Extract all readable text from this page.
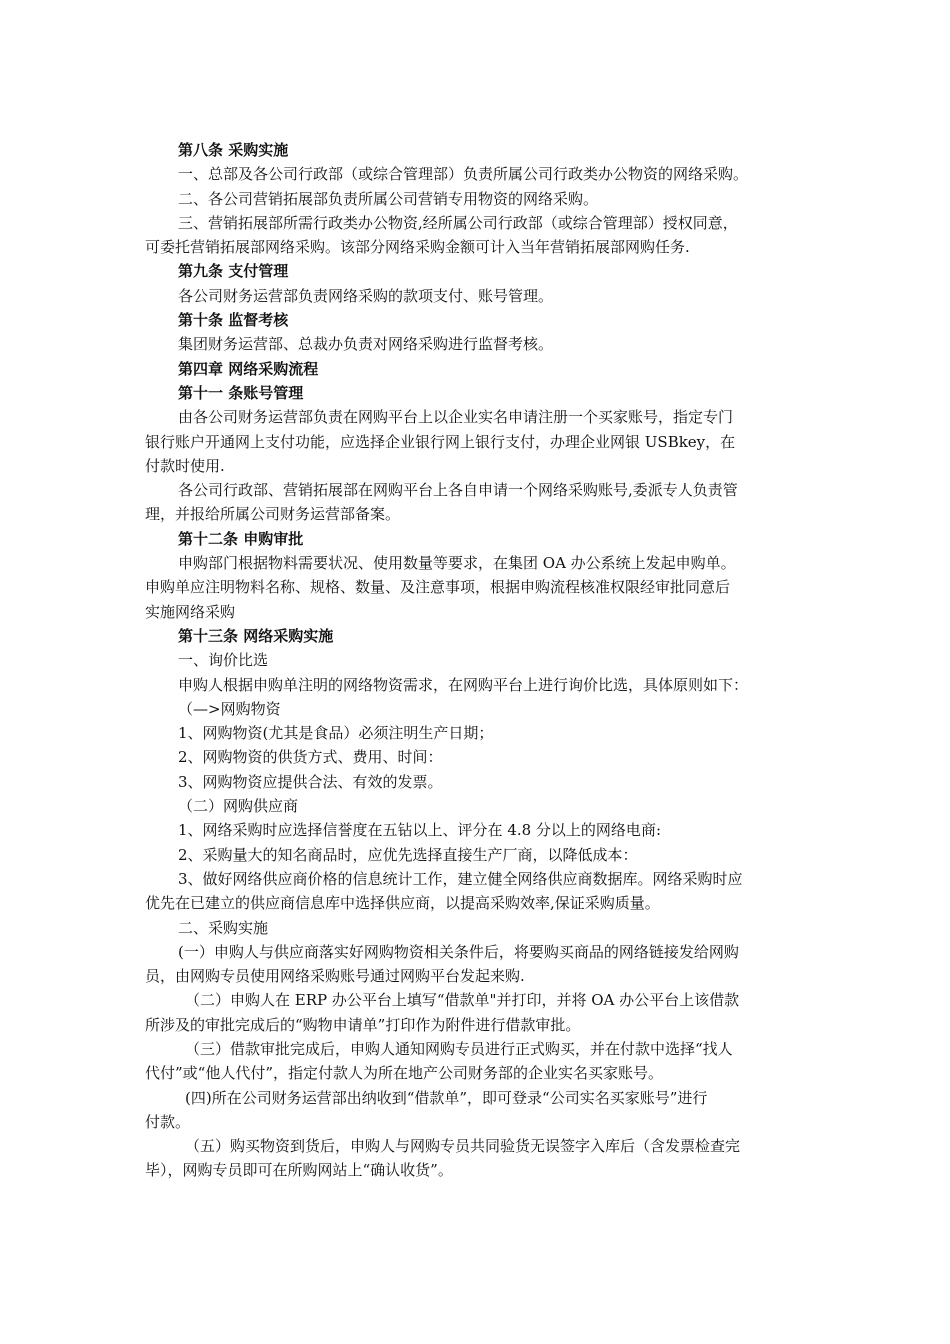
第八条 采购实施
一、总部及各公司行政部（或综合管理部）负责所属公司行政类办公物资的网络采购。
二、各公司营销拓展部负责所属公司营销专用物资的网络采购。
三、营销拓展部所需行政类办公物资,经所属公司行政部（或综合管理部）授权同意，
可委托营销拓展部网络采购。该部分网络采购金额可计入当年营销拓展部网购任务.
第九条 支付管理
各公司财务运营部负责网络采购的款项支付、账号管理。
第十条 监督考核
集团财务运营部、总裁办负责对网络采购进行监督考核。
第四章 网络采购流程
第十一 条账号管理
由各公司财务运营部负责在网购平台上以企业实名申请注册一个买家账号，指定专门
银行账户开通网上支付功能，应选择企业银行网上银行支付，办理企业网银 USBkey，在
付款时使用.
各公司行政部、营销拓展部在网购平台上各自申请一个网络采购账号,委派专人负责管
理，并报给所属公司财务运营部备案。
第十二条 申购审批
申购部门根据物料需要状况、使用数量等要求，在集团 OA 办公系统上发起申购单。
申购单应注明物料名称、规格、数量、及注意事项，根据申购流程核准权限经审批同意后
实施网络采购
第十三条 网络采购实施
一、询价比选
申购人根据申购单注明的网络物资需求，在网购平台上进行询价比选，具体原则如下：
（—>网购物资
1、网购物资(尤其是食品）必须注明生产日期；
2、网购物资的供货方式、费用、时间：
3、网购物资应提供合法、有效的发票。
（二）网购供应商
1、网络采购时应选择信誉度在五钻以上、评分在 4.8 分以上的网络电商:
2、采购量大的知名商品时，应优先选择直接生产厂商，以降低成本：
3、做好网络供应商价格的信息统计工作，建立健全网络供应商数据库。网络采购时应
优先在已建立的供应商信息库中选择供应商，以提高采购效率,保证采购质量。
二、采购实施
(一）申购人与供应商落实好网购物资相关条件后，将要购买商品的网络链接发给网购
员，由网购专员使用网络采购账号通过网购平台发起来购.
（二）申购人在 ERP 办公平台上填写“借款单"并打印，并将 OA 办公平台上该借款
所涉及的审批完成后的“购物申请单”打印作为附件进行借款审批。
（三）借款审批完成后，申购人通知网购专员进行正式购买，并在付款中选择“找人
代付”或“他人代付”，指定付款人为所在地产公司财务部的企业实名买家账号。
(四)所在公司财务运营部出纳收到“借款单”，即可登录“公司实名买家账号”进行
付款。
（五）购买物资到货后，申购人与网购专员共同验货无误签字入库后（含发票检查完
毕），网购专员即可在所购网站上“确认收货”。
